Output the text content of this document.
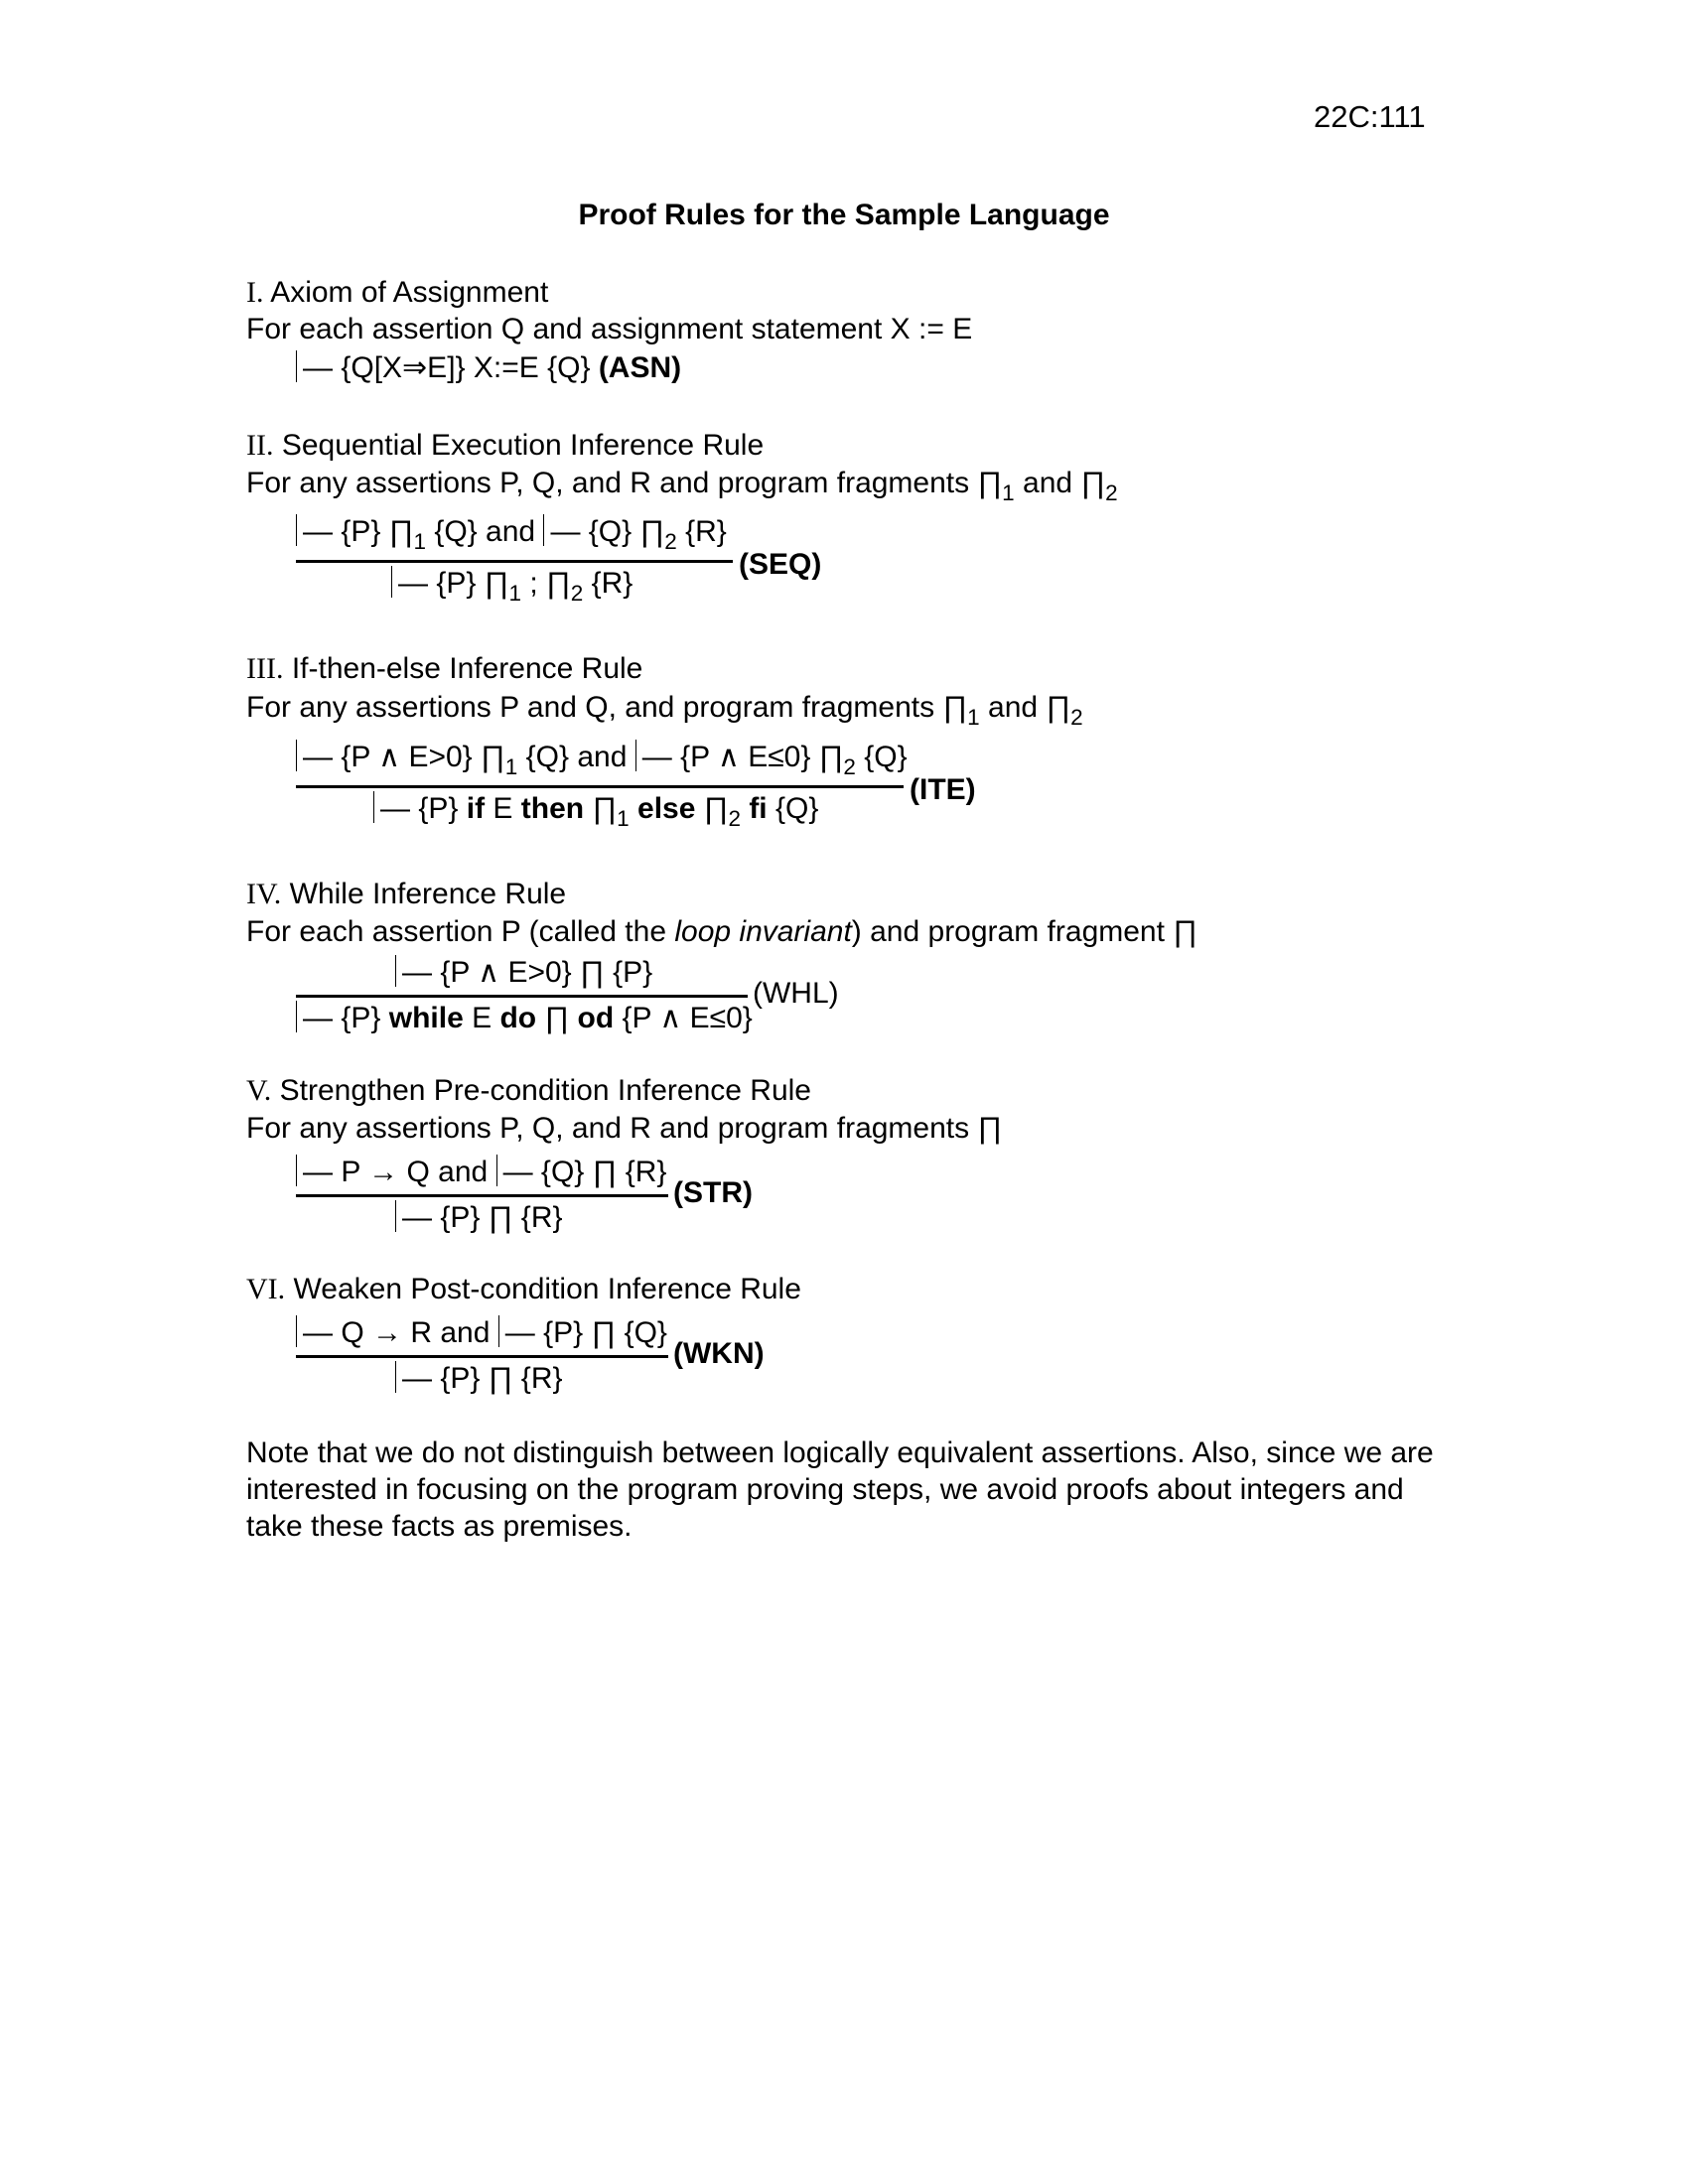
22C:111
Proof Rules for the Sample Language
I. Axiom of Assignment
For each assertion Q and assignment statement X := E
— {Q[X⇒E]} X:=E {Q} (ASN)
II. Sequential Execution Inference Rule
For any assertions P, Q, and R and program fragments $\prod_1$ and $\prod_2$
— {P} $\prod_1$ {Q} and — {Q} $\prod_2$ {R}
— {P} $\prod_1$ ; $\prod_2$ {R}
(SEQ)
III. If-then-else Inference Rule
For any assertions P and Q, and program fragments $\prod_1$ and $\prod_2$
— {P ∧ E>0} $\prod_1$ {Q} and — {P ∧ E≤0} $\prod_2$ {Q}
— {P} if E then $\prod_1$ else $\prod_2$ fi {Q}
(ITE)
IV. While Inference Rule
For each assertion P (called the loop invariant) and program fragment ∏
— {P ∧ E>0} ∏ {P}
— {P} while E do ∏ od {P ∧ E≤0}
(WHL)
V. Strengthen Pre-condition Inference Rule
For any assertions P, Q, and R and program fragments ∏
— P → Q and — {Q} ∏ {R}
— {P} ∏ {R}
(STR)
VI. Weaken Post-condition Inference Rule
— Q → R and — {P} ∏ {Q}
— {P} ∏ {R}
(WKN)
Note that we do not distinguish between logically equivalent assertions. Also, since we are interested in focusing on the program proving steps, we avoid proofs about integers and take these facts as premises.
